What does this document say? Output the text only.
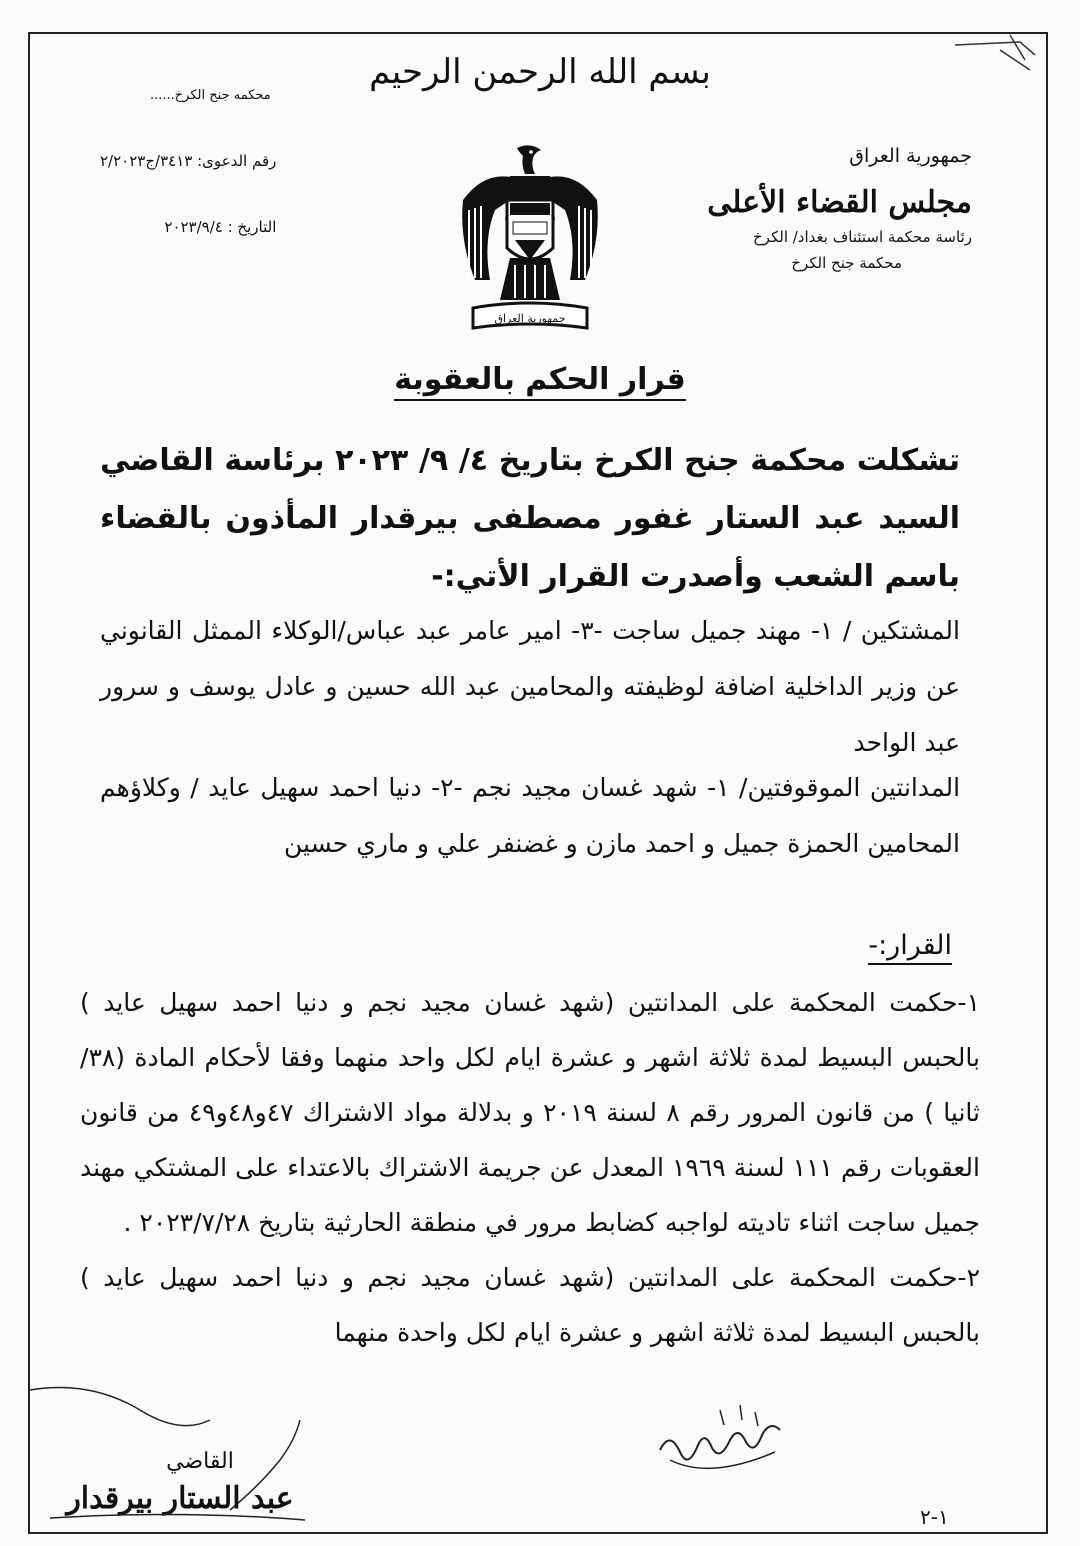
بسم الله الرحمن الرحيم
محكمه جنح الكرخ......
جمهورية العراق
مجلس القضاء الأعلى
رئاسة محكمة استئناف بغداد/ الكرخ
محكمة جنح الكرخ
رقم الدعوى: ٣٤١٣/ج٢/٢٠٢٣
التاريخ : ٢٠٢٣/٩/٤
جمهورية العراق
قرار الحكم بالعقوبة
تشكلت محكمة جنح الكرخ بتاريخ ٤/ ٩/ ٢٠٢٣ برئاسة القاضي السيد عبد الستار غفور مصطفى بيرقدار المأذون بالقضاء باسم الشعب وأصدرت القرار الأتي:-
المشتكين / ١- مهند جميل ساجت -٣- امير عامر عبد عباس/الوكلاء الممثل القانوني عن وزير الداخلية اضافة لوظيفته والمحامين عبد الله حسين و عادل يوسف و سرور عبد الواحد
المدانتين الموقوفتين/ ١- شهد غسان مجيد نجم -٢- دنيا احمد سهيل عايد / وكلاؤهم المحامين الحمزة جميل و احمد مازن و غضنفر علي و ماري حسين
القرار:-
١-حكمت المحكمة على المدانتين (شهد غسان مجيد نجم و دنيا احمد سهيل عايد ) بالحبس البسيط لمدة ثلاثة اشهر و عشرة ايام لكل واحد منهما وفقا لأحكام المادة (٣٨/ثانيا ) من قانون المرور رقم ٨ لسنة ٢٠١٩ و بدلالة مواد الاشتراك ٤٧و٤٨و٤٩ من قانون العقوبات رقم ١١١ لسنة ١٩٦٩ المعدل عن جريمة الاشتراك بالاعتداء على المشتكي مهند جميل ساجت اثناء تاديته لواجبه كضابط مرور في منطقة الحارثية بتاريخ ٢٠٢٣/٧/٢٨ .
٢-حكمت المحكمة على المدانتين (شهد غسان مجيد نجم و دنيا احمد سهيل عايد ) بالحبس البسيط لمدة ثلاثة اشهر و عشرة ايام لكل واحدة منهما
القاضي
عبد الستار بيرقدار
١-٢
